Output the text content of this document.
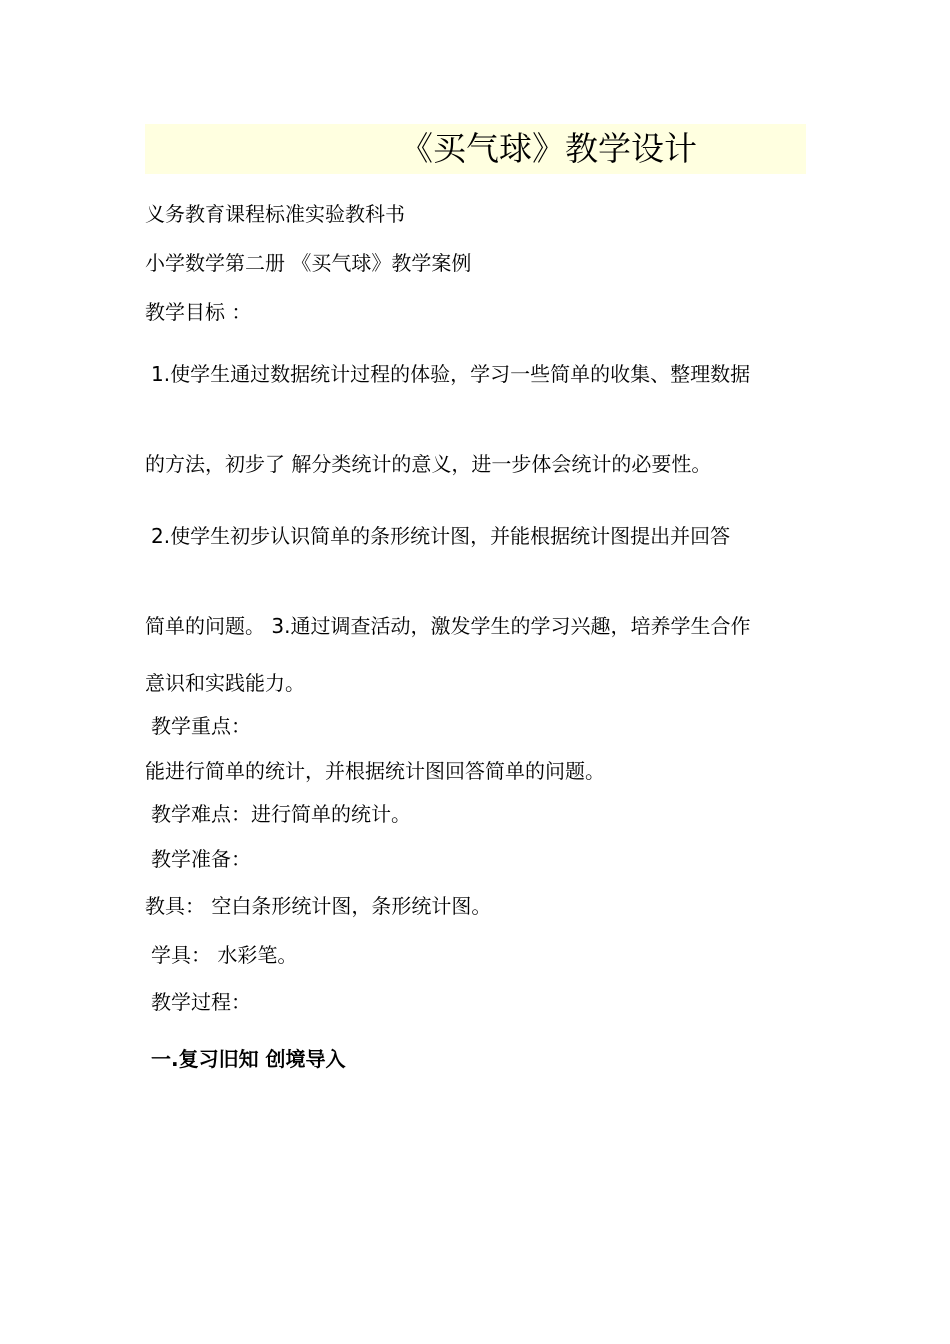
《买气球》教学设计
义务教育课程标准实验教科书
小学数学第二册 《买气球》教学案例
教学目标 ：
1.使学生通过数据统计过程的体验，学习一些简单的收集、整理数据
的方法，初步了 解分类统计的意义，进一步体会统计的必要性。
2.使学生初步认识简单的条形统计图，并能根据统计图提出并回答
简单的问题。 3.通过调查活动，激发学生的学习兴趣，培养学生合作
意识和实践能力。
教学重点：
能进行简单的统计，并根据统计图回答简单的问题。
教学难点：进行简单的统计。
教学准备：
教具： 空白条形统计图，条形统计图。
学具： 水彩笔。
教学过程：
一.复习旧知 创境导入
